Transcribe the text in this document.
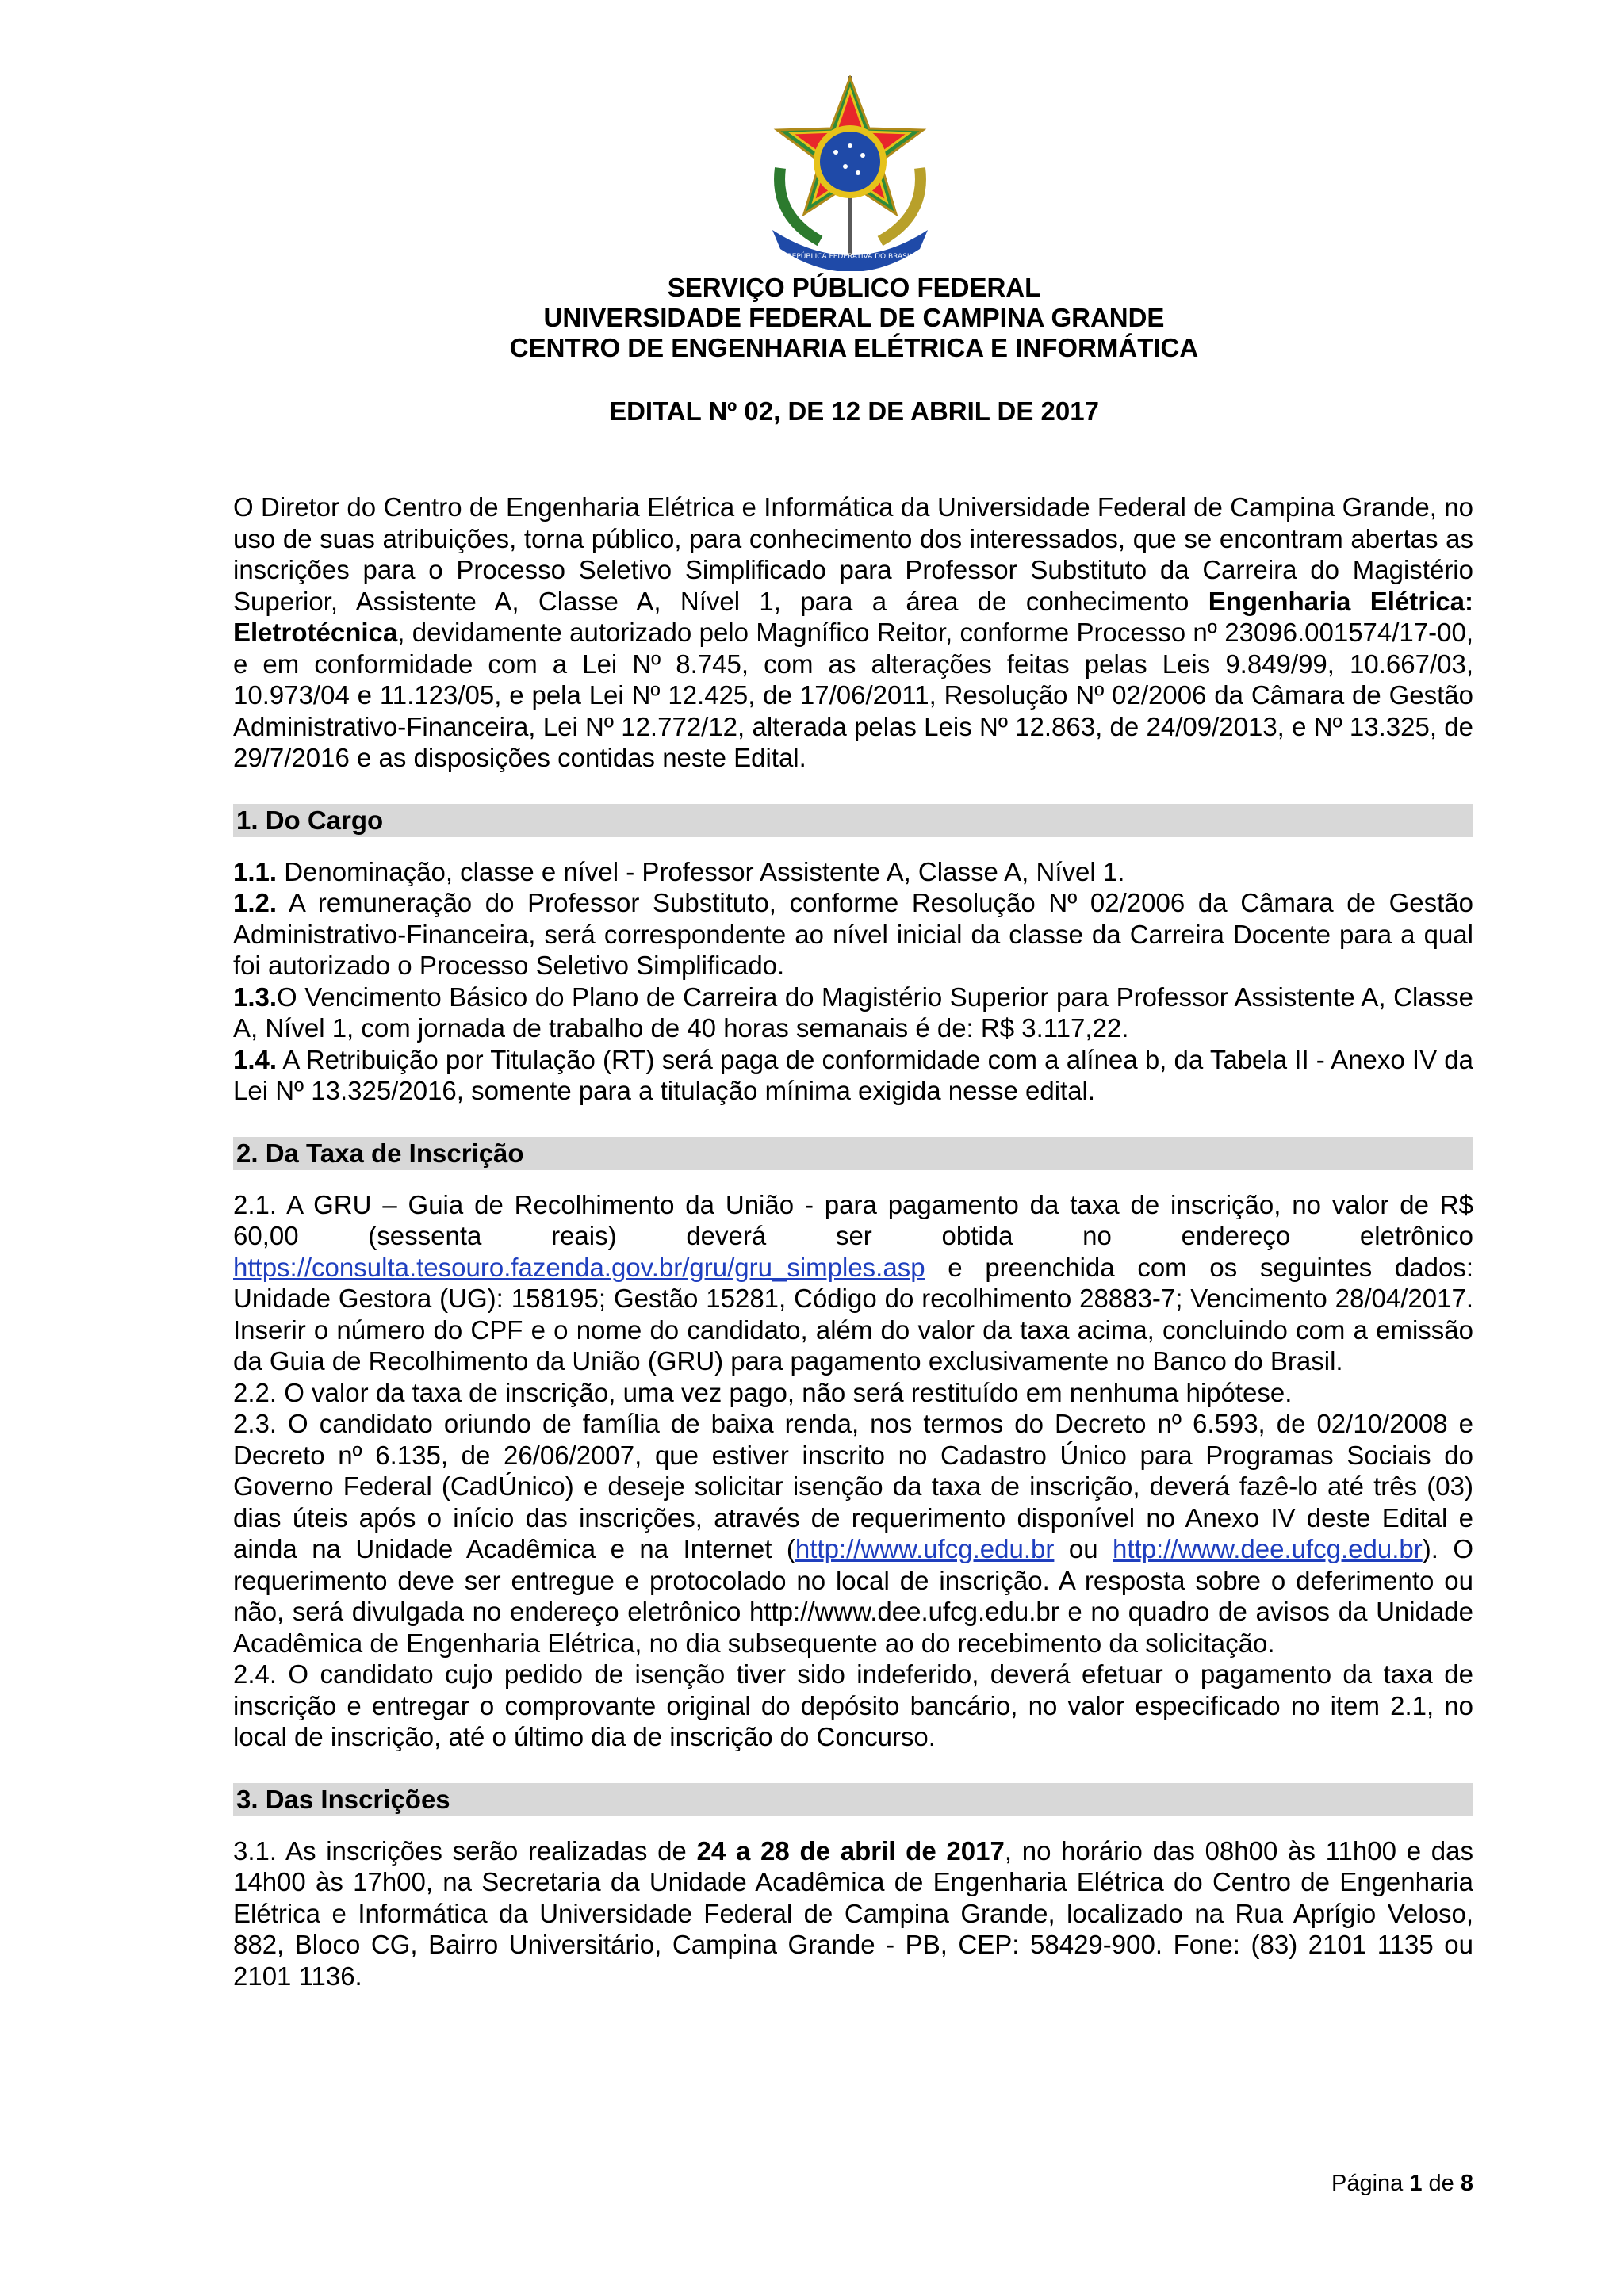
REPÚBLICA FEDERATIVA DO BRASIL
SERVIÇO PÚBLICO FEDERAL
UNIVERSIDADE FEDERAL DE CAMPINA GRANDE
CENTRO DE ENGENHARIA ELÉTRICA E INFORMÁTICA
EDITAL Nº 02, DE 12 DE ABRIL DE 2017

O Diretor do Centro de Engenharia Elétrica e Informática da Universidade Federal de Campina Grande, no uso de suas atribuições, torna público, para conhecimento dos interessados, que se encontram abertas as inscrições para o Processo Seletivo Simplificado para Professor Substituto da Carreira do Magistério Superior, Assistente A, Classe A, Nível 1, para a área de conhecimento Engenharia Elétrica: Eletrotécnica, devidamente autorizado pelo Magnífico Reitor, conforme Processo nº 23096.001574/17-00, e em conformidade com a Lei Nº 8.745, com as alterações feitas pelas Leis 9.849/99, 10.667/03, 10.973/04 e 11.123/05, e pela Lei Nº 12.425, de 17/06/2011, Resolução Nº 02/2006 da Câmara de Gestão Administrativo-Financeira, Lei Nº 12.772/12, alterada pelas Leis Nº 12.863, de 24/09/2013, e Nº 13.325, de 29/7/2016 e as disposições contidas neste Edital.

1. Do Cargo

1.1. Denominação, classe e nível - Professor Assistente A, Classe A, Nível 1.

1.2. A remuneração do Professor Substituto, conforme Resolução Nº 02/2006 da Câmara de Gestão Administrativo-Financeira, será correspondente ao nível inicial da classe da Carreira Docente para a qual foi autorizado o Processo Seletivo Simplificado.

1.3.O Vencimento Básico do Plano de Carreira do Magistério Superior para Professor Assistente A, Classe A, Nível 1, com jornada de trabalho de 40 horas semanais é de: R$ 3.117,22.

1.4. A Retribuição por Titulação (RT) será paga de conformidade com a alínea b, da Tabela II - Anexo IV da Lei Nº 13.325/2016, somente para a titulação mínima exigida nesse edital.

2. Da Taxa de Inscrição

2.1. A GRU – Guia de Recolhimento da União - para pagamento da taxa de inscrição, no valor de R$ 60,00 (sessenta reais) deverá ser obtida no endereço eletrônico https://consulta.tesouro.fazenda.gov.br/gru/gru_simples.asp e preenchida com os seguintes dados: Unidade Gestora (UG): 158195; Gestão 15281, Código do recolhimento 28883-7; Vencimento 28/04/2017. Inserir o número do CPF e o nome do candidato, além do valor da taxa acima, concluindo com a emissão da Guia de Recolhimento da União (GRU) para pagamento exclusivamente no Banco do Brasil.

2.2. O valor da taxa de inscrição, uma vez pago, não será restituído em nenhuma hipótese.

2.3. O candidato oriundo de família de baixa renda, nos termos do Decreto nº 6.593, de 02/10/2008 e Decreto nº 6.135, de 26/06/2007, que estiver inscrito no Cadastro Único para Programas Sociais do Governo Federal (CadÚnico) e deseje solicitar isenção da taxa de inscrição, deverá fazê-lo até três (03) dias úteis após o início das inscrições, através de requerimento disponível no Anexo IV deste Edital e ainda na Unidade Acadêmica e na Internet (http://www.ufcg.edu.br ou http://www.dee.ufcg.edu.br). O requerimento deve ser entregue e protocolado no local de inscrição. A resposta sobre o deferimento ou não, será divulgada no endereço eletrônico http://www.dee.ufcg.edu.br e no quadro de avisos da Unidade Acadêmica de Engenharia Elétrica, no dia subsequente ao do recebimento da solicitação.

2.4. O candidato cujo pedido de isenção tiver sido indeferido, deverá efetuar o pagamento da taxa de inscrição e entregar o comprovante original do depósito bancário, no valor especificado no item 2.1, no local de inscrição, até o último dia de inscrição do Concurso.

3. Das Inscrições

3.1. As inscrições serão realizadas de 24 a 28 de abril de 2017, no horário das 08h00 às 11h00 e das 14h00 às 17h00, na Secretaria da Unidade Acadêmica de Engenharia Elétrica do Centro de Engenharia Elétrica e Informática da Universidade Federal de Campina Grande, localizado na Rua Aprígio Veloso, 882, Bloco CG, Bairro Universitário, Campina Grande - PB, CEP: 58429-900. Fone: (83) 2101 1135 ou 2101 1136.

Página 1 de 8
